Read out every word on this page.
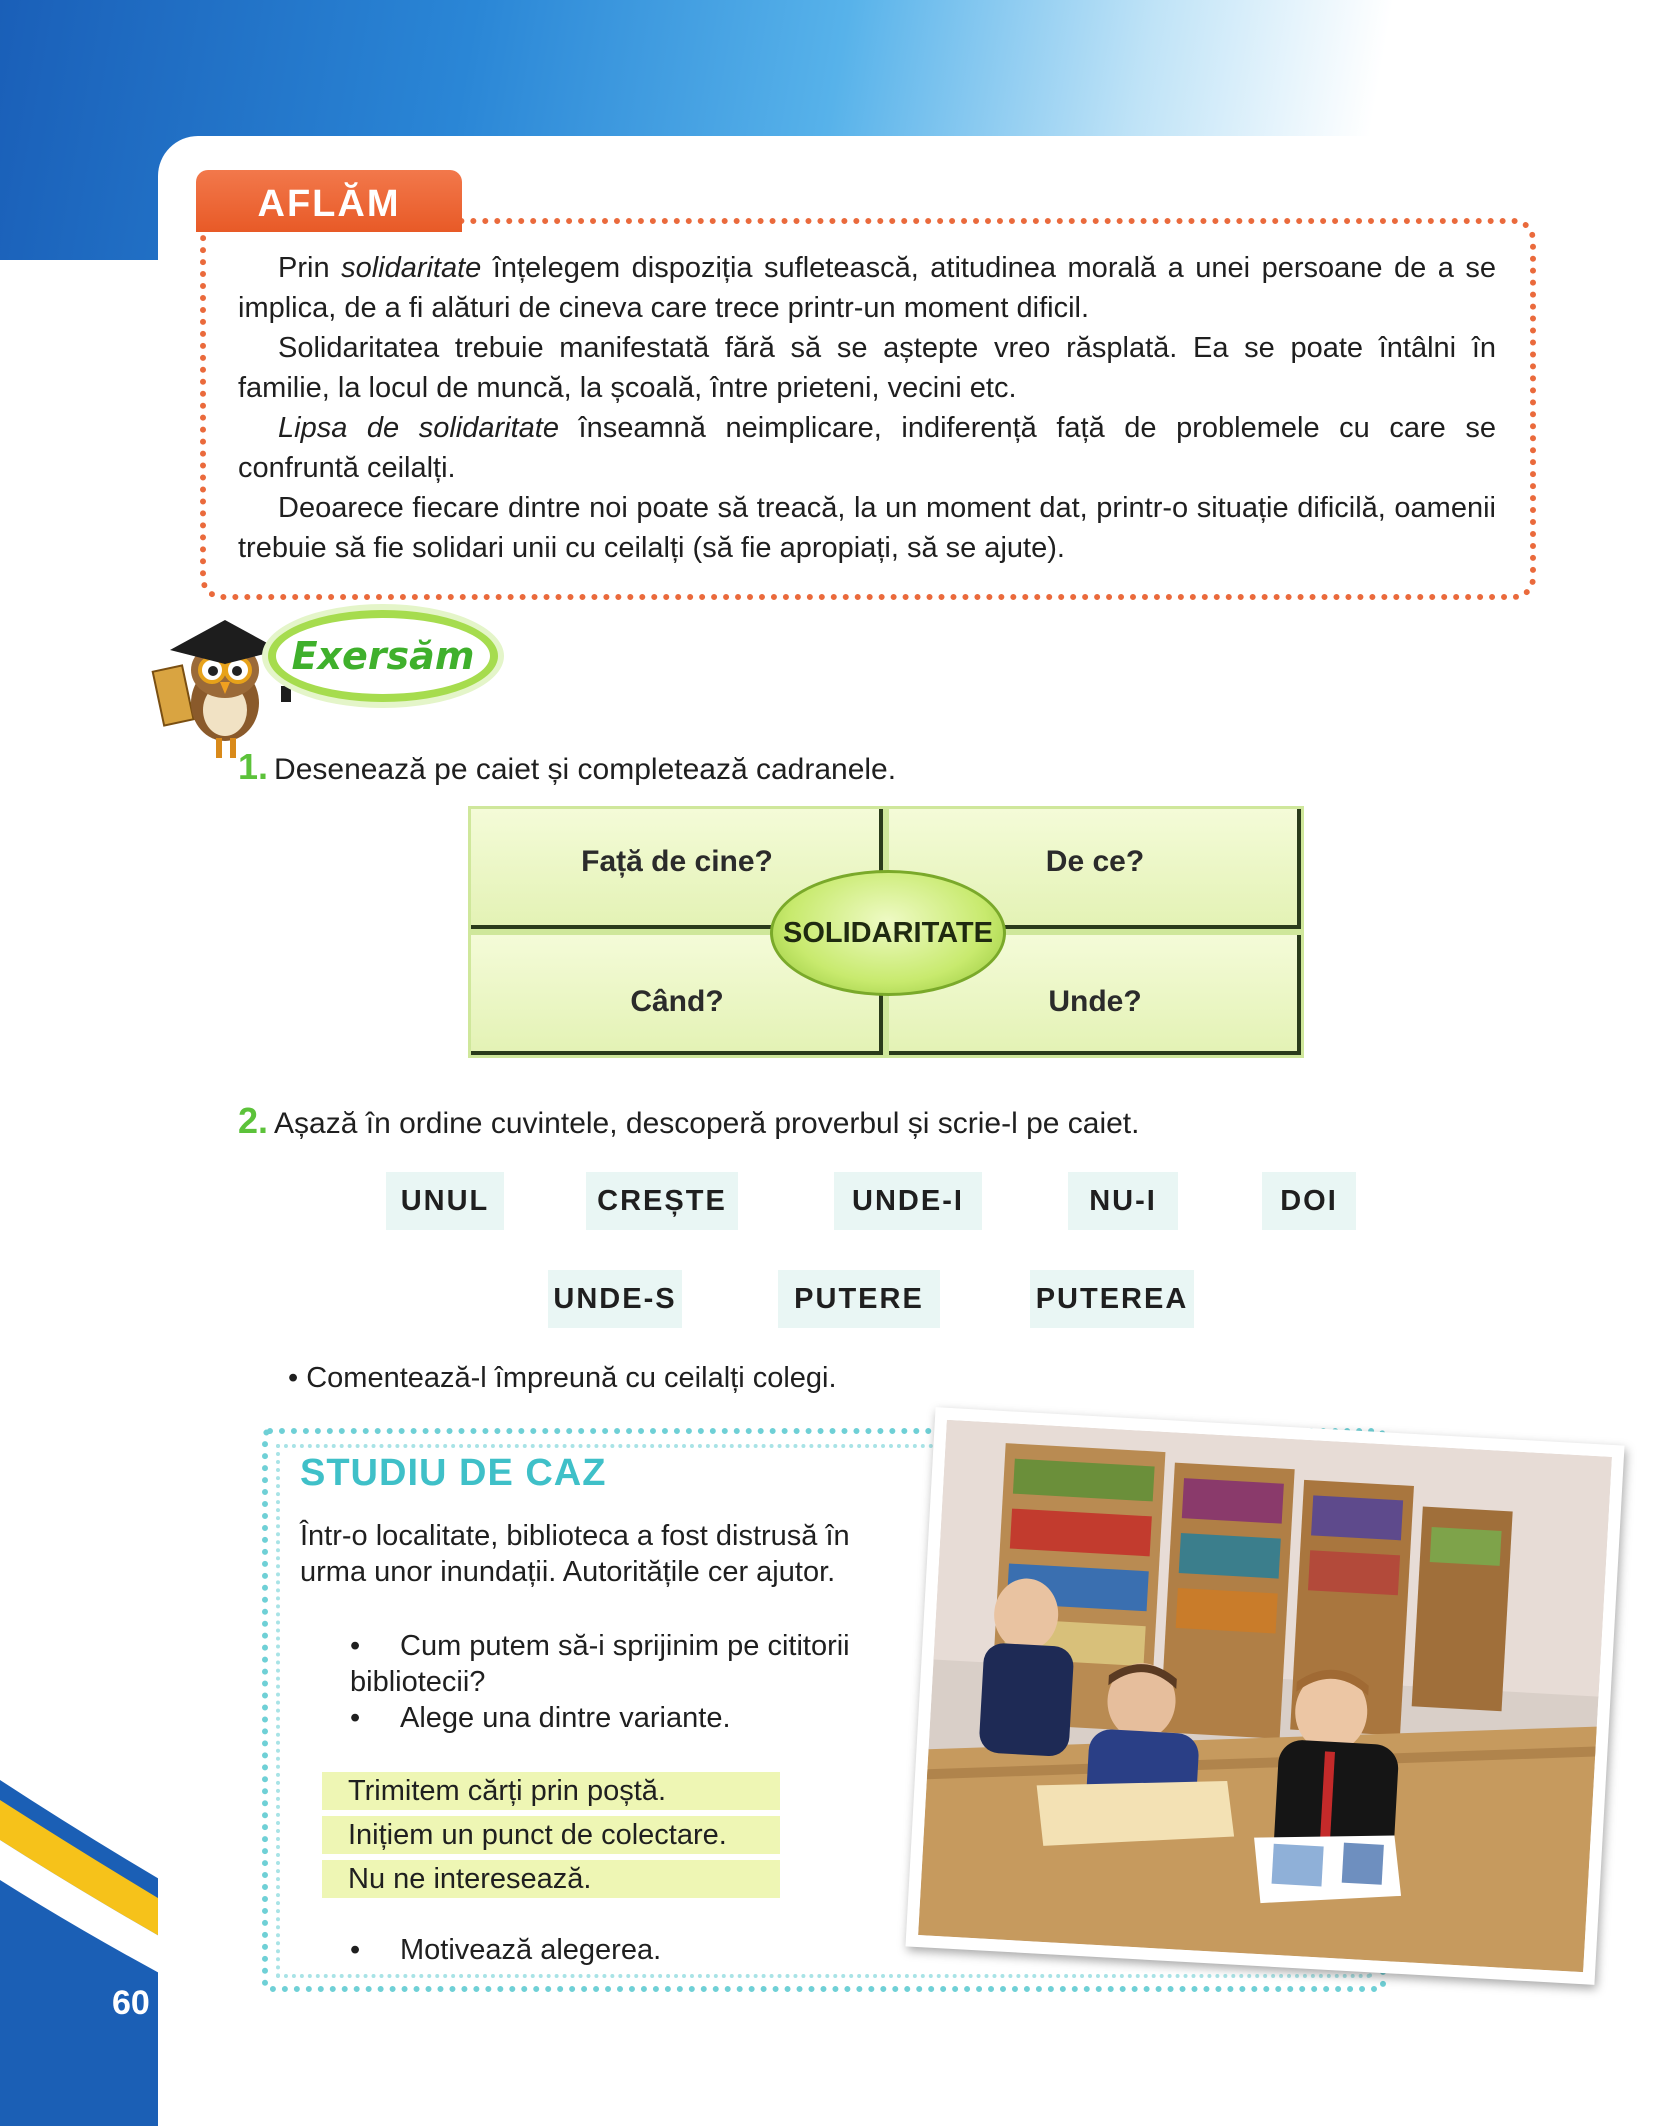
Prin solidaritate înțelegem dispoziția sufletească, atitudinea morală a unei persoane de a se implica, de a fi alături de cineva care trece printr-un moment dificil.

Solidaritatea trebuie manifestată fără să se aștepte vreo răsplată. Ea se poate întâlni în familie, la locul de muncă, la școală, între prieteni, vecini etc.

Lipsa de solidaritate înseamnă neimplicare, indiferență față de problemele cu care se confruntă ceilalți.

Deoarece fiecare dintre noi poate să treacă, la un moment dat, printr-o situație dificilă, oamenii trebuie să fie solidari unii cu ceilalți (să fie apropiați, să se ajute).

AFLĂM
Exersăm
1. Desenează pe caiet și completează cadranele.
Față de cine?	De ce?
Când?	Unde?
SOLIDARITATE
2. Așază în ordine cuvintele, descoperă proverbul și scrie-l pe caiet.
UNUL	CREȘTE	UNDE-I	NU-I	DOI
UNDE-S	PUTERE	PUTEREA
• Comentează-l împreună cu ceilalți colegi.
STUDIU DE CAZ
Într-o localitate, biblioteca a fost distrusă în urma unor inundații. Autoritățile cer ajutor.
• Cum putem să-i sprijinim pe cititorii
bibliotecii?
• Alege una dintre variante.
Trimitem cărți prin poștă.
Inițiem un punct de colectare.
Nu ne interesează.
• Motivează alegerea.
60
